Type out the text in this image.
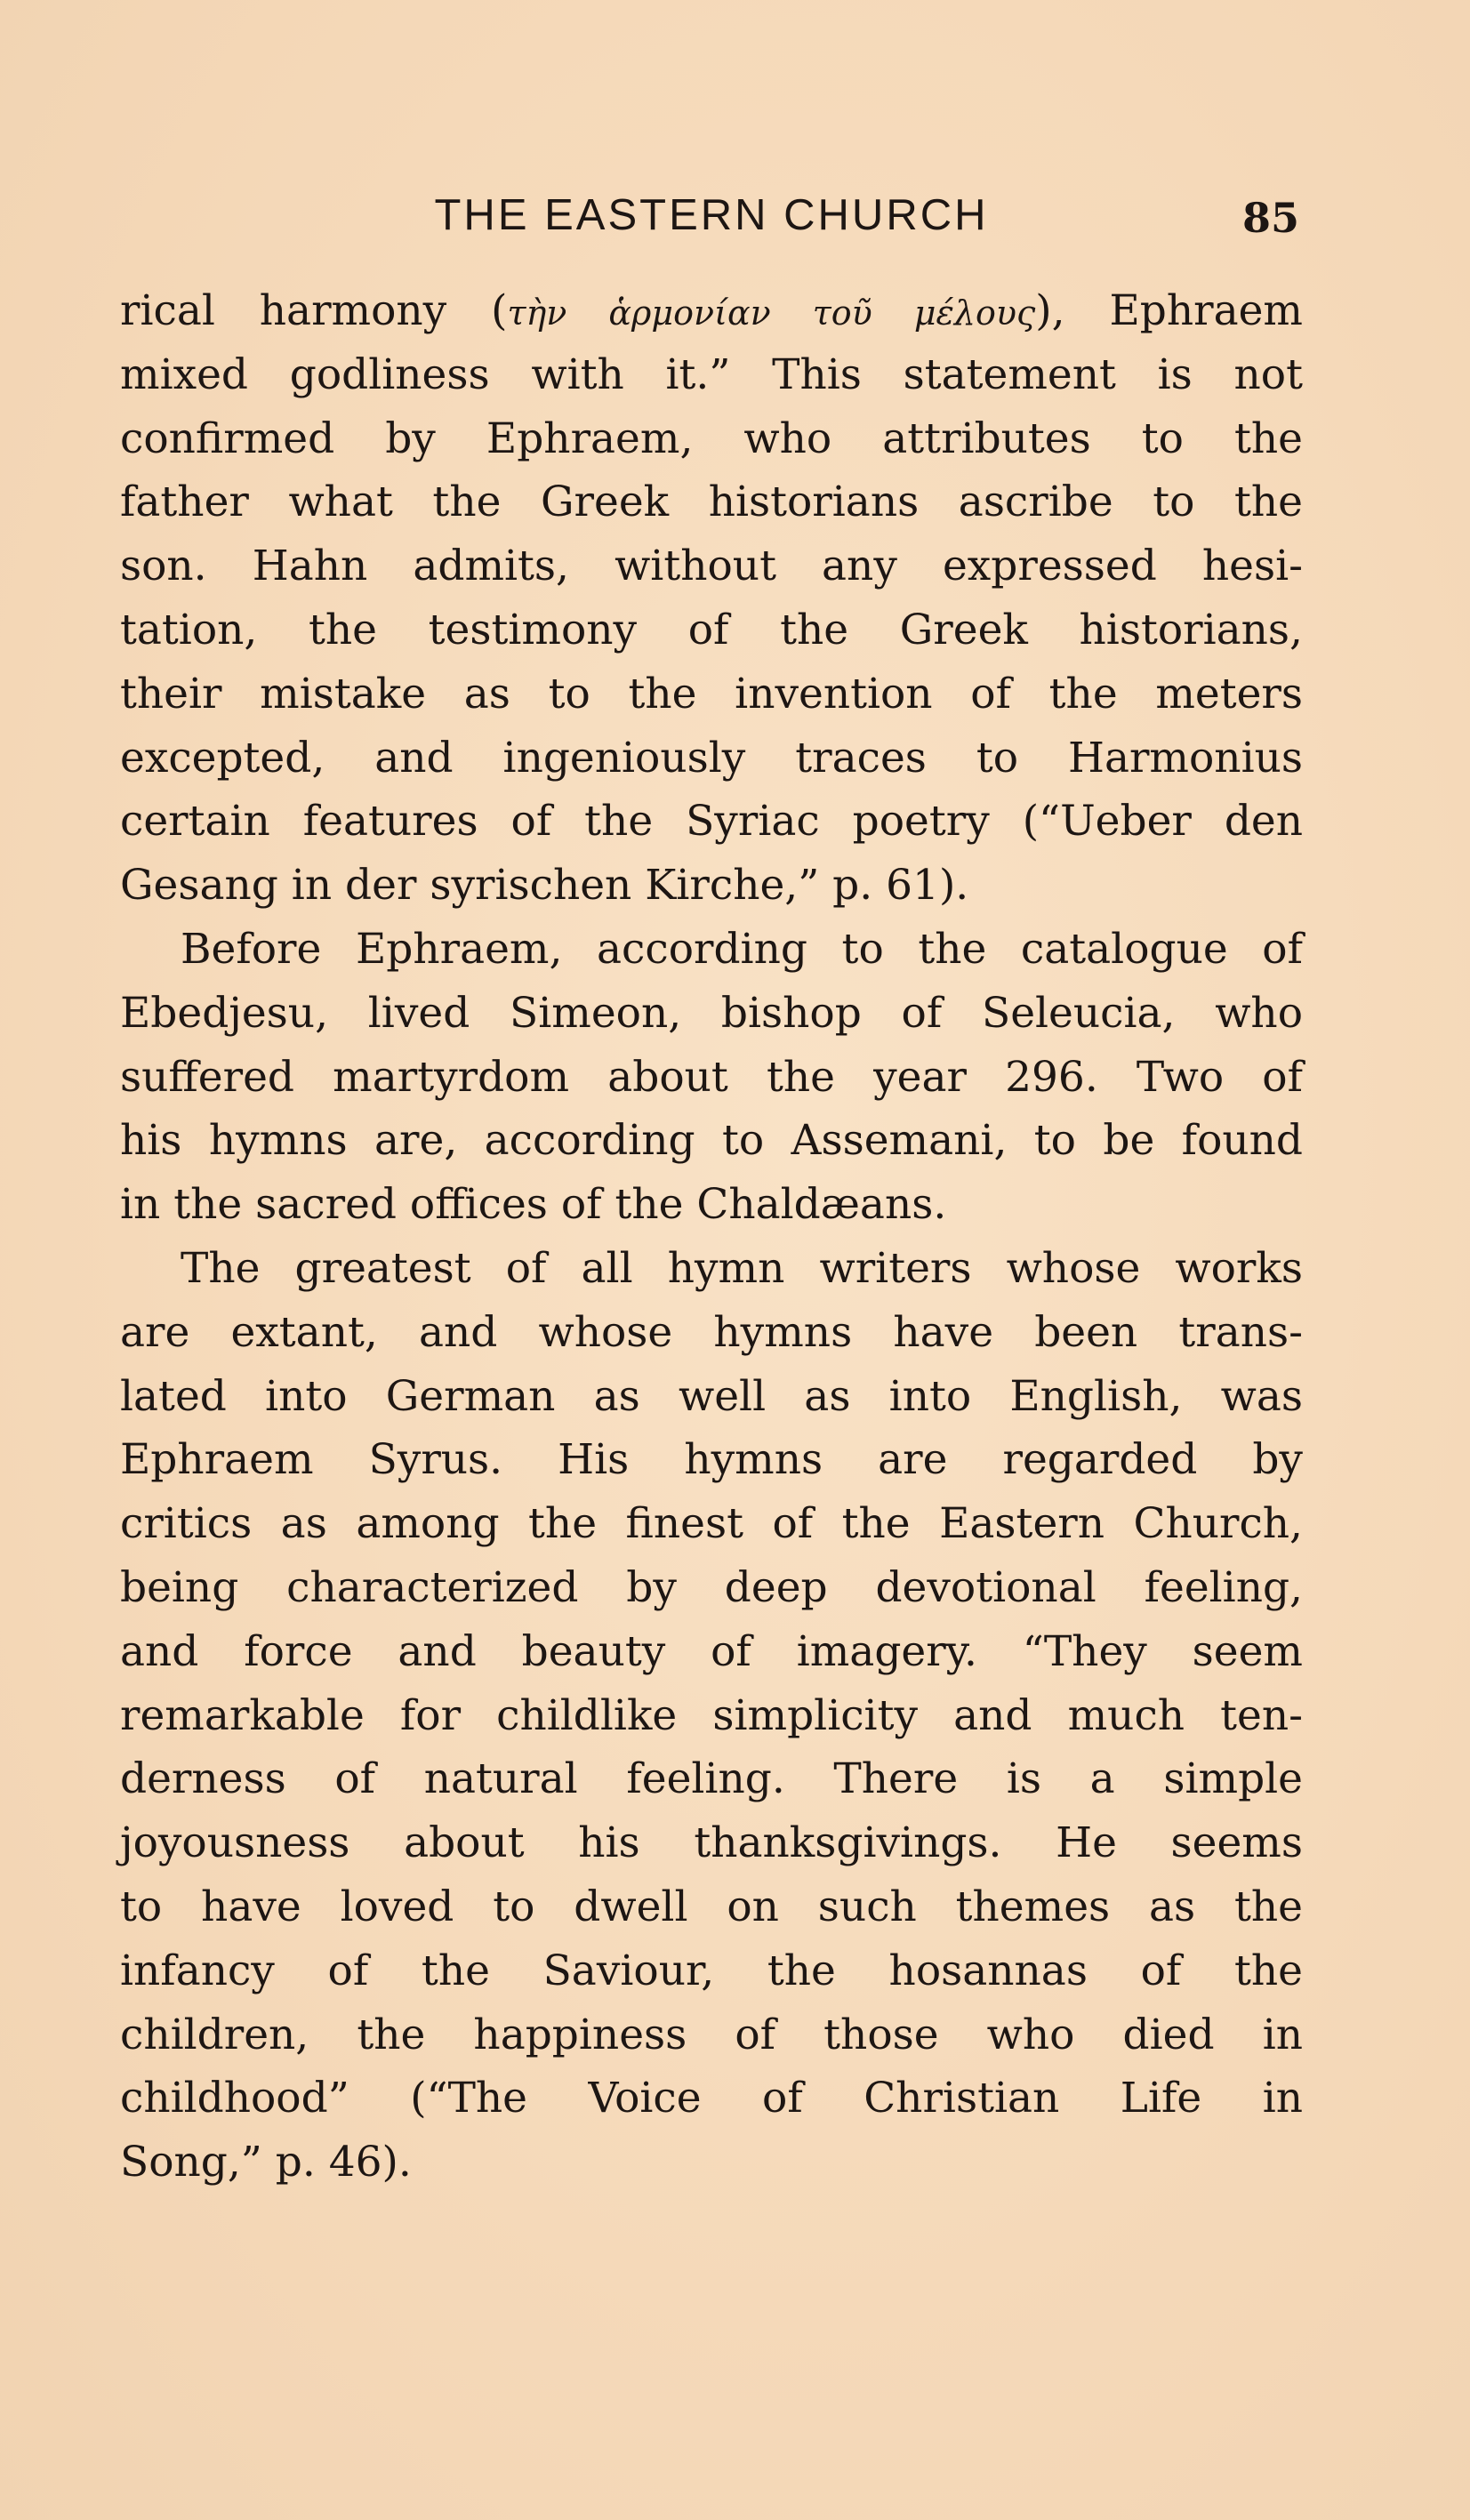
THE EASTERN CHURCH	85
rical harmony (τὴν ἁρμονίαν τοῦ μέλους), Ephraem
mixed godliness with it.” This statement is not
confirmed by Ephraem, who attributes to the
father what the Greek historians ascribe to the
son. Hahn admits, without any expressed hesi-
tation, the testimony of the Greek historians,
their mistake as to the invention of the meters
excepted, and ingeniously traces to Harmonius
certain features of the Syriac poetry (“Ueber den
Gesang in der syrischen Kirche,” p. 61).
Before Ephraem, according to the catalogue of
Ebedjesu, lived Simeon, bishop of Seleucia, who
suffered martyrdom about the year 296. Two of
his hymns are, according to Assemani, to be found
in the sacred offices of the Chaldæans.
The greatest of all hymn writers whose works
are extant, and whose hymns have been trans-
lated into German as well as into English, was
Ephraem Syrus. His hymns are regarded by
critics as among the finest of the Eastern Church,
being characterized by deep devotional feeling,
and force and beauty of imagery. “They seem
remarkable for childlike simplicity and much ten-
derness of natural feeling. There is a simple
joyousness about his thanksgivings. He seems
to have loved to dwell on such themes as the
infancy of the Saviour, the hosannas of the
children, the happiness of those who died in
childhood” (“The Voice of Christian Life in
Song,” p. 46).
